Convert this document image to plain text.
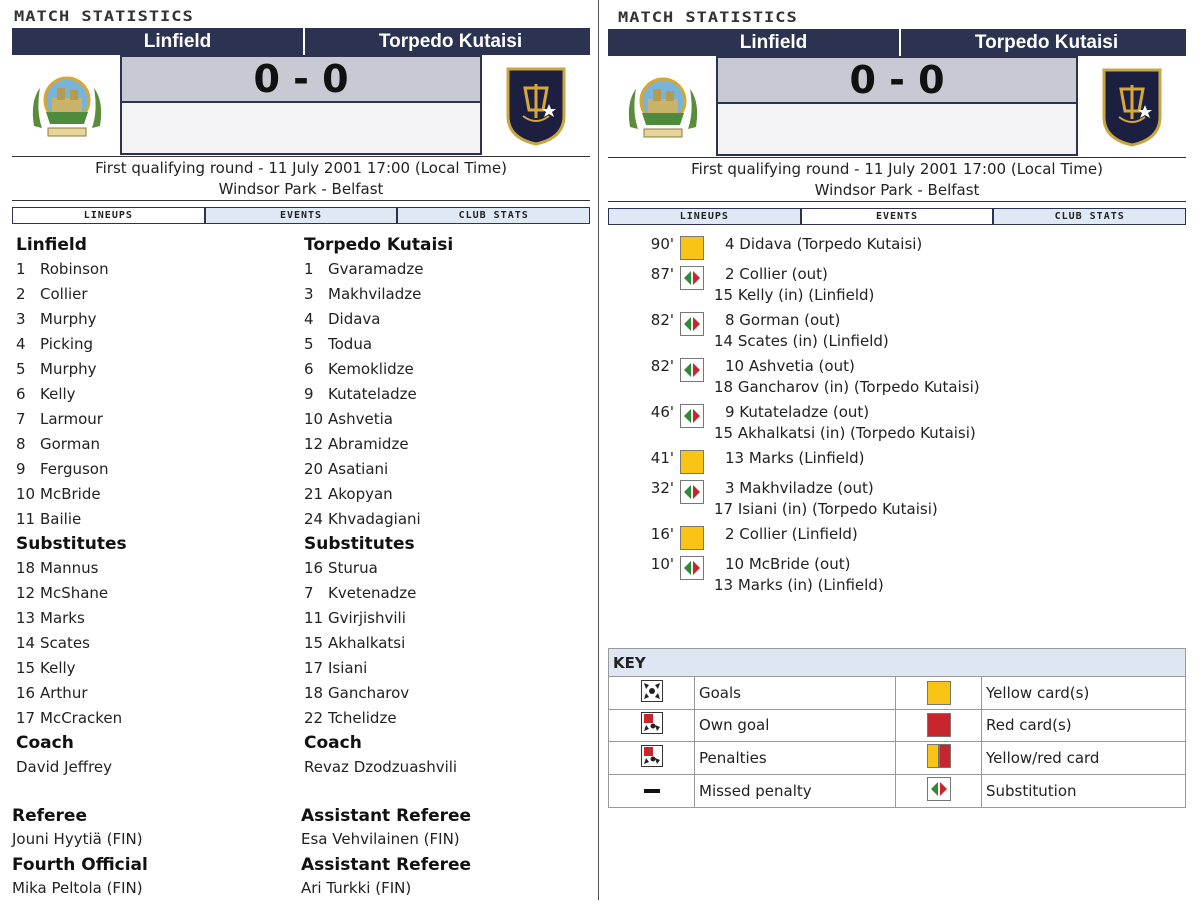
MATCH STATISTICS
Linfield	Torpedo Kutaisi
0 - 0
First qualifying round - 11 July 2001 17:00 (Local Time)
Windsor Park - Belfast
LINEUPS	EVENTS	CLUB STATS
Linfield
1 Robinson
2 Collier
3 Murphy
4 Picking
5 Murphy
6 Kelly
7 Larmour
8 Gorman
9 Ferguson
10 McBride
11 Bailie
Substitutes
18 Mannus
12 McShane
13 Marks
14 Scates
15 Kelly
16 Arthur
17 McCracken
Coach
David Jeffrey
Torpedo Kutaisi
1 Gvaramadze
3 Makhviladze
4 Didava
5 Todua
6 Kemoklidze
9 Kutateladze
10 Ashvetia
12 Abramidze
20 Asatiani
21 Akopyan
24 Khvadagiani
Substitutes
16 Sturua
7 Kvetenadze
11 Gvirjishvili
15 Akhalkatsi
17 Isiani
18 Gancharov
22 Tchelidze
Coach
Revaz Dzodzuashvili
Referee
Jouni Hyytiä (FIN)
Fourth Official
Mika Peltola (FIN)
Assistant Referee
Esa Vehvilainen (FIN)
Assistant Referee
Ari Turkki (FIN)
MATCH STATISTICS
Linfield	Torpedo Kutaisi
0 - 0
First qualifying round - 11 July 2001 17:00 (Local Time)
Windsor Park - Belfast
LINEUPS	EVENTS	CLUB STATS
90'	4 Didava (Torpedo Kutaisi)
87'	2 Collier (out)
15 Kelly (in) (Linfield)
82'	8 Gorman (out)
14 Scates (in) (Linfield)
82'	10 Ashvetia (out)
18 Gancharov (in) (Torpedo Kutaisi)
46'	9 Kutateladze (out)
15 Akhalkatsi (in) (Torpedo Kutaisi)
41'	13 Marks (Linfield)
32'	3 Makhviladze (out)
17 Isiani (in) (Torpedo Kutaisi)
16'	2 Collier (Linfield)
10'	10 McBride (out)
13 Marks (in) (Linfield)
KEY
Goals	Yellow card(s)
Own goal	Red card(s)
Penalties	Yellow/red card
Missed penalty	Substitution
